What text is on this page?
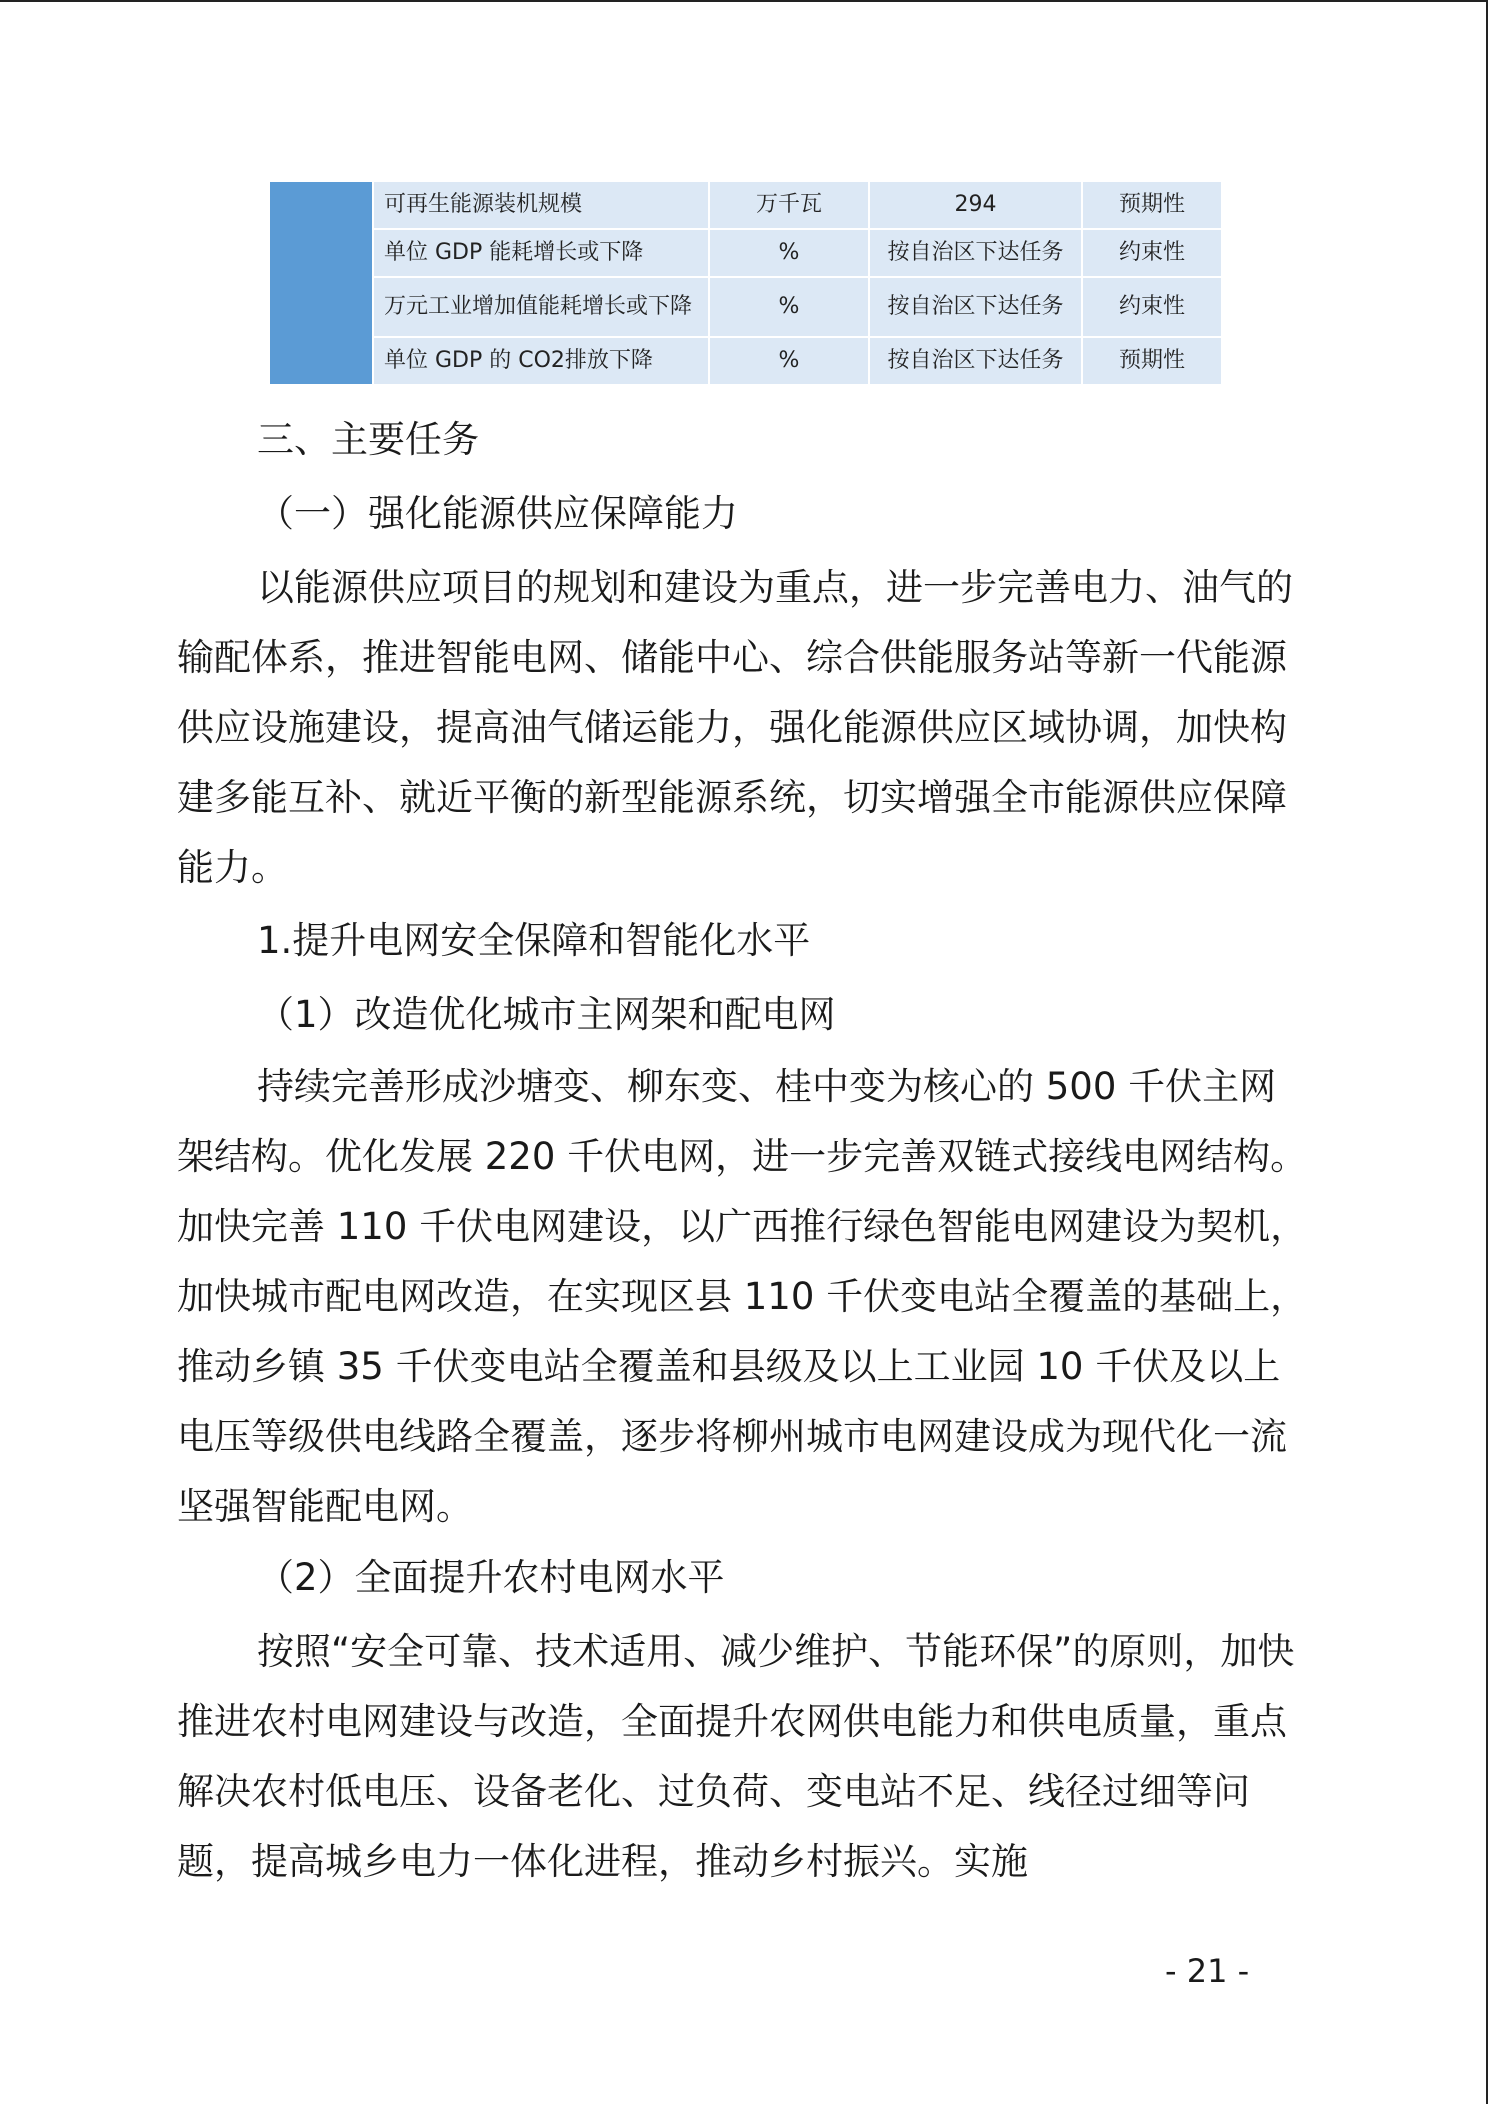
	可再生能源装机规模	万千瓦	294	预期性
	单位 GDP 能耗增长或下降	%	按自治区下达任务	约束性
	万元工业增加值能耗增长或下降	%	按自治区下达任务	约束性
	单位 GDP 的 CO2排放下降	%	按自治区下达任务	预期性
三、主要任务
（一）强化能源供应保障能力
以能源供应项目的规划和建设为重点，进一步完善电力、油气的输配体系，推进智能电网、储能中心、综合供能服务站等新一代能源供应设施建设，提高油气储运能力，强化能源供应区域协调，加快构建多能互补、就近平衡的新型能源系统，切实增强全市能源供应保障能力。
1.提升电网安全保障和智能化水平
（1）改造优化城市主网架和配电网
持续完善形成沙塘变、柳东变、桂中变为核心的 500 千伏主网架结构。优化发展 220 千伏电网，进一步完善双链式接线电网结构。加快完善 110 千伏电网建设，以广西推行绿色智能电网建设为契机，加快城市配电网改造，在实现区县 110 千伏变电站全覆盖的基础上，推动乡镇 35 千伏变电站全覆盖和县级及以上工业园 10 千伏及以上电压等级供电线路全覆盖，逐步将柳州城市电网建设成为现代化一流坚强智能配电网。
（2）全面提升农村电网水平
按照“安全可靠、技术适用、减少维护、节能环保”的原则，加快推进农村电网建设与改造，全面提升农网供电能力和供电质量，重点解决农村低电压、设备老化、过负荷、变电站不足、线径过细等问题，提高城乡电力一体化进程，推动乡村振兴。实施
- 21 -
